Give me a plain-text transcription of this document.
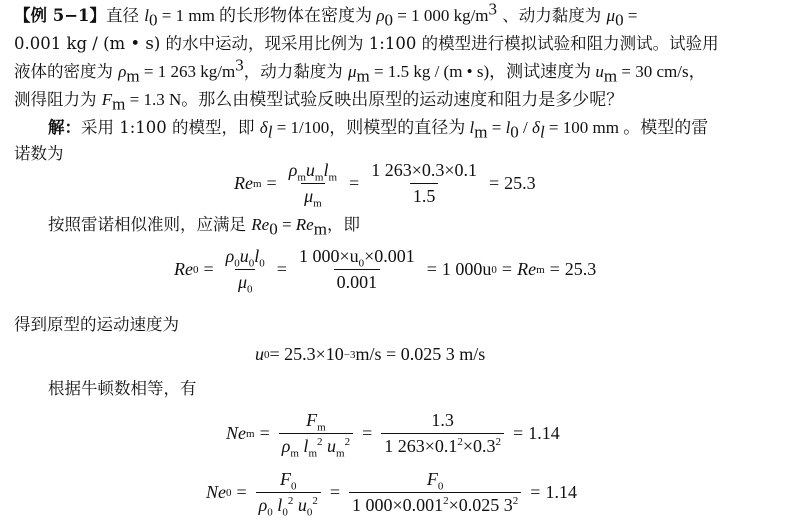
【例 5−1】直径 $l_0 = 1$ mm 的长形物体在密度为 $\rho_0 = 1$ 000 $kg/m^3$ 、动力黏度为 $\mu_0$ =
0.001 kg / (m • s) 的水中运动，现采用比例为 1:100 的模型进行模拟试验和阻力测试。试验用
液体的密度为 $\rho_m = 1$ 263 $kg/m^3$，动力黏度为 $\mu_m = 1.5$ kg / (m • s)，测试速度为 $u_m = 30$ cm/s，
测得阻力为 $F_m = 1.3$ N。那么由模型试验反映出原型的运动速度和阻力是多少呢？
解：采用 1:100 的模型，即 $\delta_l = 1/100$，则模型的直径为 $l_m = l_0 / \delta_l = 100$ mm 。模型的雷
诺数为
Re $m = \frac{\rho_mu_ml_m}{\mu_m} = \frac{1 263\times 0.3\times 0.1}{1.5} = 25.3$
按照雷诺相似准则，应满足 $Re_0 = Re_m$，即
Re $0 = \frac{\rho_0u_0l_0}{\mu_0} = \frac{1 000\times u_0\times 0.001}{0.001} = 1$ 000u 0 = Re m = 25.3
得到原型的运动速度为
u 0 = 25.3×10 −3 m/s = 0.025 3 m/s
根据牛顿数相等，有
Ne $m = \frac{F_m}{\rho_m l_m^2 u_m^2} = \frac{1.3}{1 263\times 0.1^2\times 0.3^2} = 1.14$
Ne $0 = \frac{F_0}{\rho_0 l_0^2 u_0^2} = \frac{F_0}{1 000\times 0.001^2\times 0.025 3^2} = 1.14$
